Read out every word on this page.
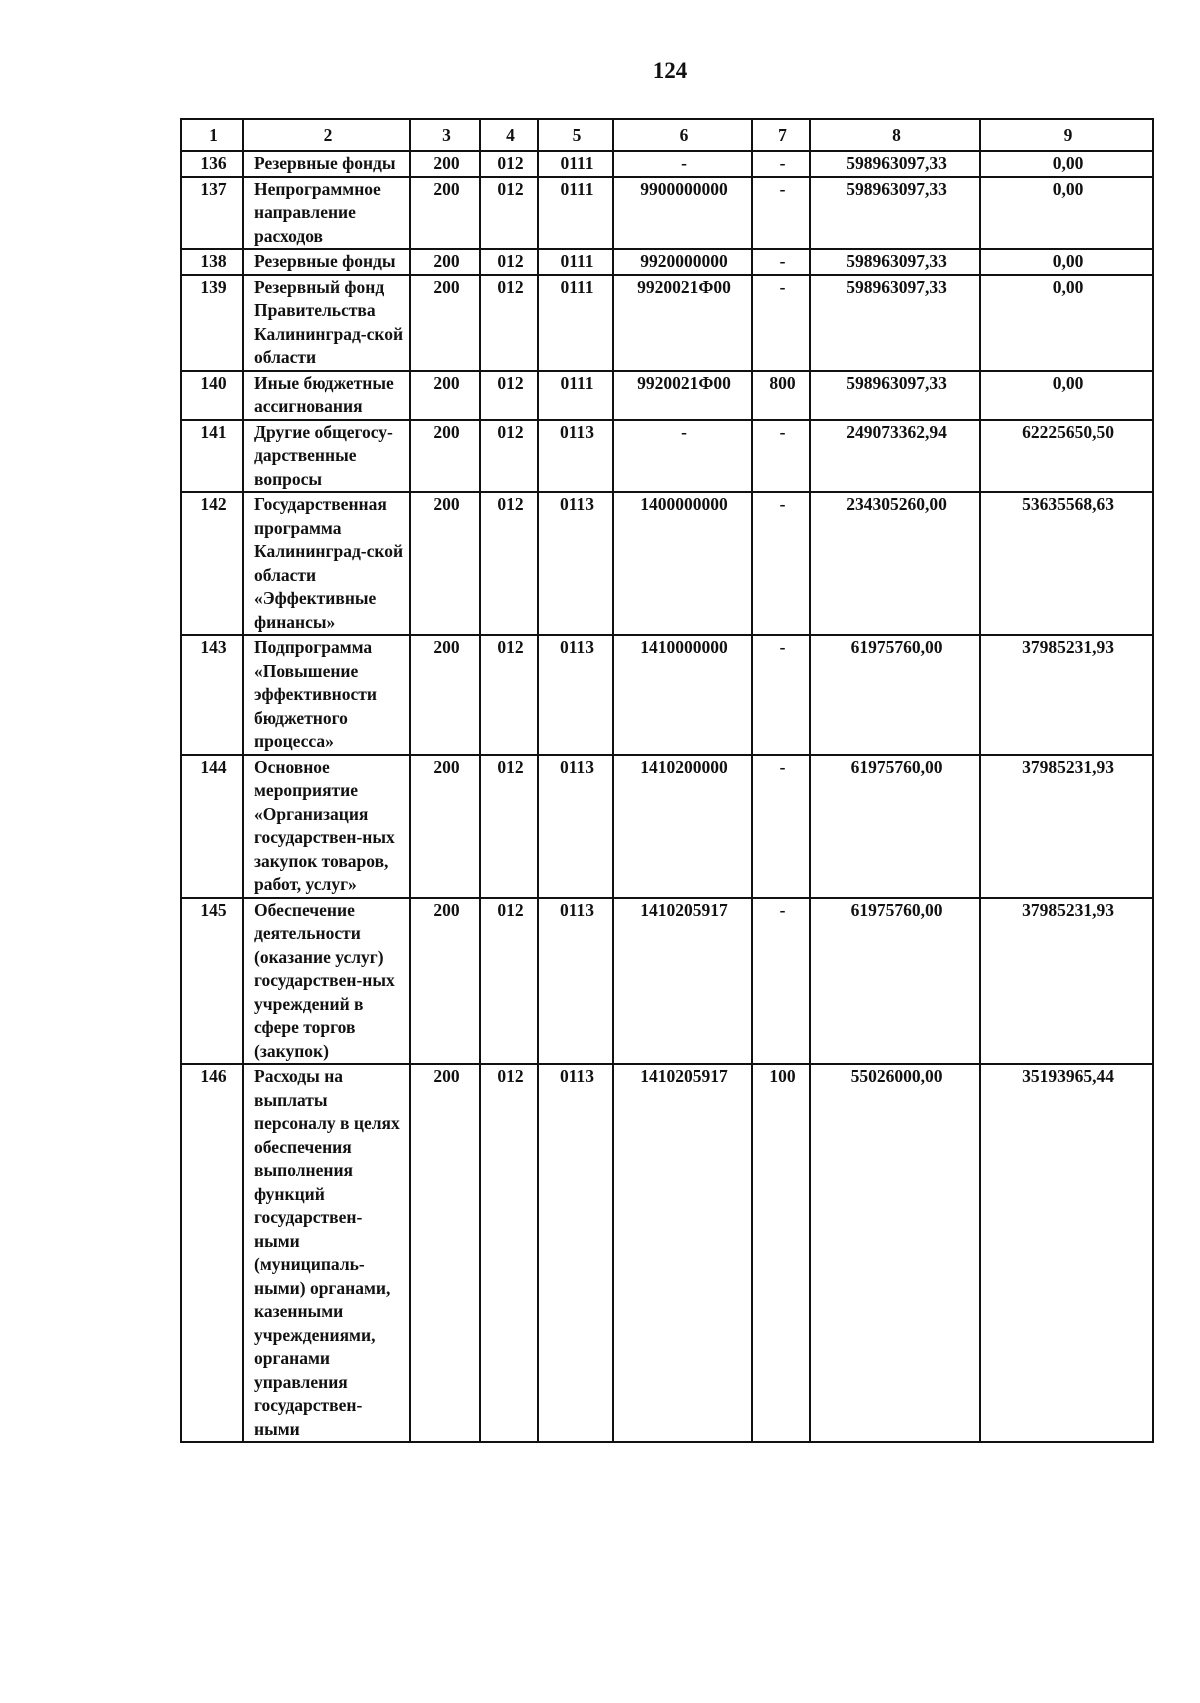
124
1	2	3	4	5	6	7	8	9
136	Резервные фонды	200	012	0111	-	-	598963097,33	0,00
137	Непрограммное направление расходов	200	012	0111	9900000000	-	598963097,33	0,00
138	Резервные фонды	200	012	0111	9920000000	-	598963097,33	0,00
139	Резервный фонд Правительства Калининград-ской области	200	012	0111	9920021Ф00	-	598963097,33	0,00
140	Иные бюджетные ассигнования	200	012	0111	9920021Ф00	800	598963097,33	0,00
141	Другие общегосу-дарственные вопросы	200	012	0113	-	-	249073362,94	62225650,50
142	Государственная программа Калининград-ской области «Эффективные финансы»	200	012	0113	1400000000	-	234305260,00	53635568,63
143	Подпрограмма «Повышение эффективности бюджетного процесса»	200	012	0113	1410000000	-	61975760,00	37985231,93
144	Основное мероприятие «Организация государствен-ных закупок товаров, работ, услуг»	200	012	0113	1410200000	-	61975760,00	37985231,93
145	Обеспечение деятельности (оказание услуг) государствен-ных учреждений в сфере торгов (закупок)	200	012	0113	1410205917	-	61975760,00	37985231,93
146	Расходы на выплаты персоналу в целях обеспечения выполнения функций государствен-ными (муниципаль-ными) органами, казенными учреждениями, органами управления государствен-ными	200	012	0113	1410205917	100	55026000,00	35193965,44
